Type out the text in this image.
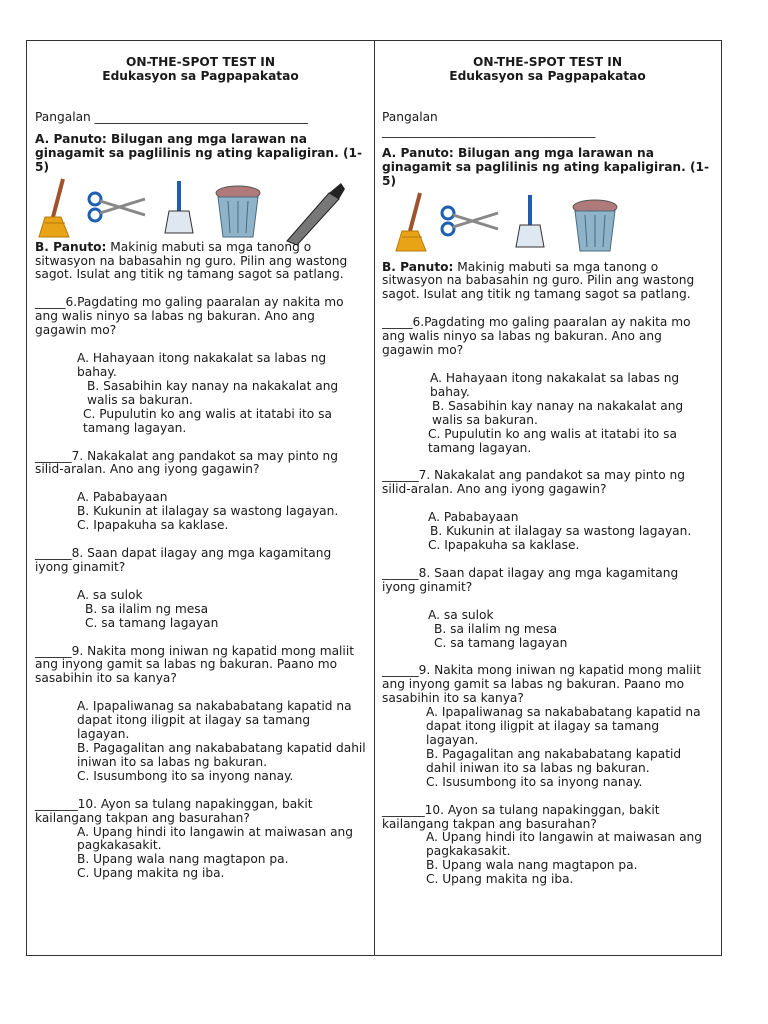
ON-THE-SPOT TEST IN
Edukasyon sa Pagpapakatao

Pangalan ___________________________________

A. Panuto: Bilugan ang mga larawan na ginagamit sa paglilinis ng ating kapaligiran. (1-5)

B. Panuto: Makinig mabuti sa mga tanong o sitwasyon na babasahin ng guro. Pilin ang wastong sagot. Isulat ang titik ng tamang sagot sa patlang.

_____6.Pagdating mo galing paaralan ay nakita mo ang walis ninyo sa labas ng bakuran. Ano ang gagawin mo?

A. Hahayaan itong nakakalat sa labas ng bahay.
B. Sasabihin kay nanay na nakakalat ang walis sa bakuran.
C. Pupulutin ko ang walis at itatabi ito sa tamang lagayan.

______7. Nakakalat ang pandakot sa may pinto ng silid-aralan. Ano ang iyong gagawin?

A. Pababayaan
B. Kukunin at ilalagay sa wastong lagayan.
C. Ipapakuha sa kaklase.

______8. Saan dapat ilagay ang mga kagamitang iyong ginamit?

A. sa sulok
B. sa ilalim ng mesa
C. sa tamang lagayan

______9. Nakita mong iniwan ng kapatid mong maliit ang inyong gamit sa labas ng bakuran. Paano mo sasabihin ito sa kanya?

A. Ipapaliwanag sa nakababatang kapatid na dapat itong iligpit at ilagay sa tamang lagayan.
B. Pagagalitan ang nakababatang kapatid dahil iniwan ito sa labas ng bakuran.
C. Isusumbong ito sa inyong nanay.

_______10. Ayon sa tulang napakinggan, bakit kailangang takpan ang basurahan?

A. Upang hindi ito langawin at maiwasan ang pagkakasakit.
B. Upang wala nang magtapon pa.
C. Upang makita ng iba.
ON-THE-SPOT TEST IN
Edukasyon sa Pagpapakatao

Pangalan

___________________________________

A. Panuto: Bilugan ang mga larawan na ginagamit sa paglilinis ng ating kapaligiran. (1-5)

B. Panuto: Makinig mabuti sa mga tanong o sitwasyon na babasahin ng guro. Pilin ang wastong sagot. Isulat ang titik ng tamang sagot sa patlang.

_____6.Pagdating mo galing paaralan ay nakita mo ang walis ninyo sa labas ng bakuran. Ano ang gagawin mo?

A. Hahayaan itong nakakalat sa labas ng bahay.
B. Sasabihin kay nanay na nakakalat ang walis sa bakuran.
C. Pupulutin ko ang walis at itatabi ito sa tamang lagayan.

______7. Nakakalat ang pandakot sa may pinto ng silid-aralan. Ano ang iyong gagawin?

A. Pababayaan
B. Kukunin at ilalagay sa wastong lagayan.
C. Ipapakuha sa kaklase.

______8. Saan dapat ilagay ang mga kagamitang iyong ginamit?

A. sa sulok
B. sa ilalim ng mesa
C. sa tamang lagayan

______9. Nakita mong iniwan ng kapatid mong maliit ang inyong gamit sa labas ng bakuran. Paano mo sasabihin ito sa kanya?

A. Ipapaliwanag sa nakababatang kapatid na dapat itong iligpit at ilagay sa tamang lagayan.
B. Pagagalitan ang nakababatang kapatid dahil iniwan ito sa labas ng bakuran.
C. Isusumbong ito sa inyong nanay.

_______10. Ayon sa tulang napakinggan, bakit kailangang takpan ang basurahan?

A. Upang hindi ito langawin at maiwasan ang pagkakasakit.
B. Upang wala nang magtapon pa.
C. Upang makita ng iba.
